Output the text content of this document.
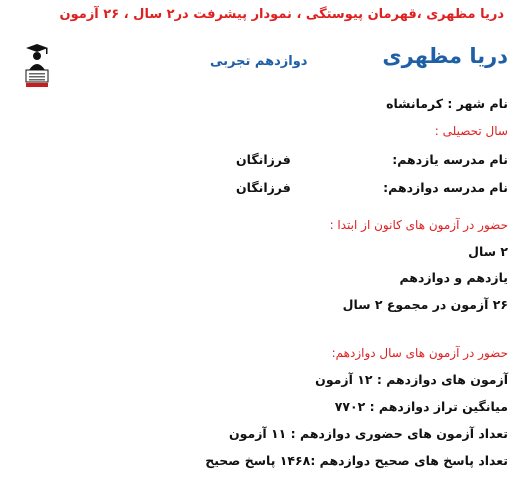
دریا مظهری ،قهرمان پیوستگی ، نمودار پیشرفت در۲ سال ، ۲۶ آزمون
دریا مظهری
دوازدهم تجربی
نام شهر : کرمانشاه
سال تحصیلی :
نام مدرسه یازدهم:
فرزانگان
نام مدرسه دوازدهم:
فرزانگان
حضور در آزمون های کانون از ابتدا :
۲ سال
یازدهم و دوازدهم
۲۶ آزمون در مجموع ۲ سال
حضور در آزمون های سال دوازدهم:
آزمون های دوازدهم : ۱۲ آزمون
میانگین تراز دوازدهم : ۷۷۰۲
تعداد آزمون های حضوری دوازدهم : ۱۱ آزمون
تعداد پاسخ های صحیح دوازدهم :۱۴۶۸ پاسخ صحیح
